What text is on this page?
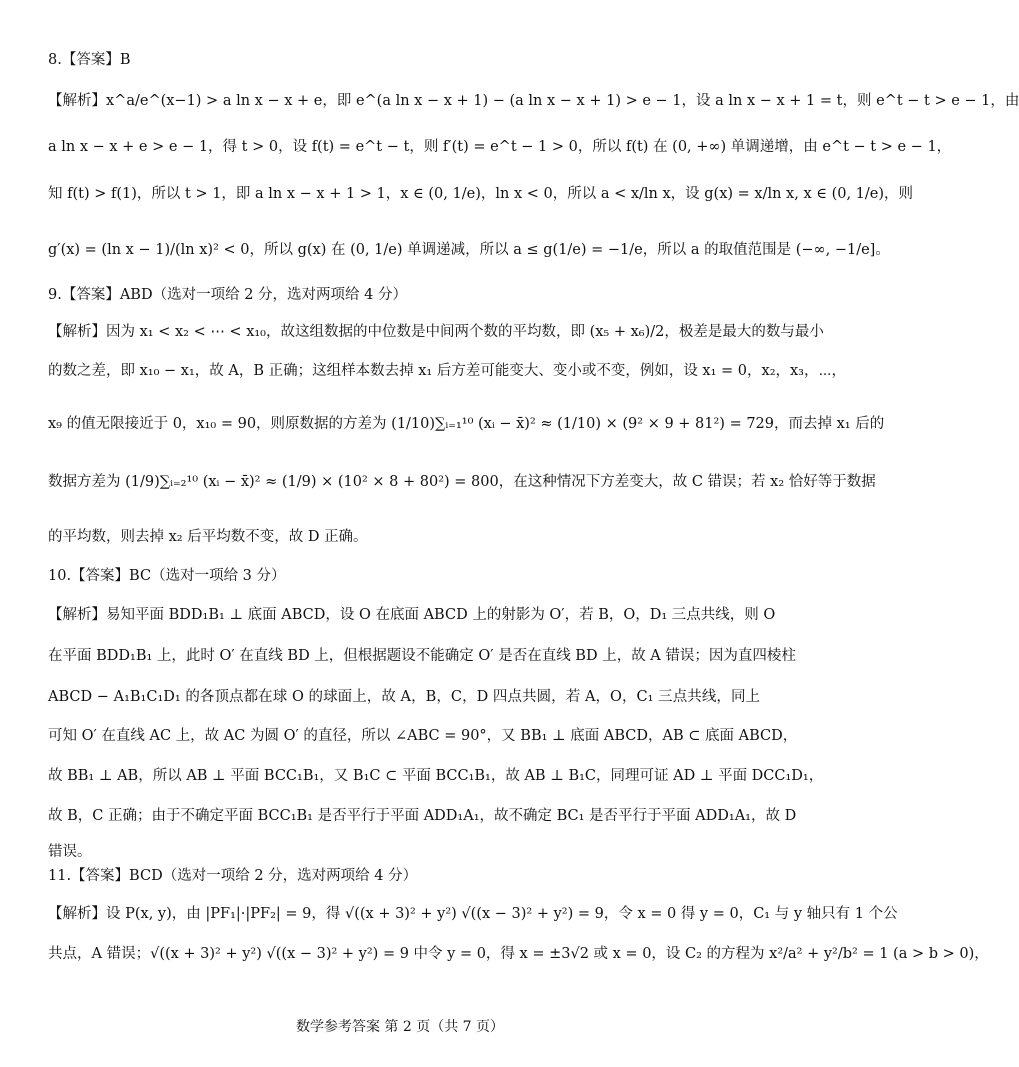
8.【答案】B
【解析】x^a/e^(x−1) > a ln x − x + e，即 e^(a ln x − x + 1) − (a ln x − x + 1) > e − 1，设 a ln x − x + 1 = t，则 e^t − t > e − 1，由
a ln x − x + e > e − 1，得 t > 0，设 f(t) = e^t − t，则 f′(t) = e^t − 1 > 0，所以 f(t) 在 (0, +∞) 单调递增，由 e^t − t > e − 1，
知 f(t) > f(1)，所以 t > 1，即 a ln x − x + 1 > 1，x ∈ (0, 1/e)，ln x < 0，所以 a < x/ln x，设 g(x) = x/ln x, x ∈ (0, 1/e)，则
g′(x) = (ln x − 1)/(ln x)² < 0，所以 g(x) 在 (0, 1/e) 单调递减，所以 a ≤ g(1/e) = −1/e，所以 a 的取值范围是 (−∞, −1/e]。
9.【答案】ABD（选对一项给 2 分，选对两项给 4 分）
【解析】因为 x₁ < x₂ < ⋯ < x₁₀，故这组数据的中位数是中间两个数的平均数，即 (x₅ + x₆)/2，极差是最大的数与最小
的数之差，即 x₁₀ − x₁，故 A，B 正确；这组样本数去掉 x₁ 后方差可能变大、变小或不变，例如，设 x₁ = 0，x₂，x₃，⋯，
x₉ 的值无限接近于 0，x₁₀ = 90，则原数据的方差为 (1/10)∑ᵢ₌₁¹⁰ (xᵢ − x̄)² ≈ (1/10) × (9² × 9 + 81²) = 729，而去掉 x₁ 后的
数据方差为 (1/9)∑ᵢ₌₂¹⁰ (xᵢ − x̄)² ≈ (1/9) × (10² × 8 + 80²) = 800，在这种情况下方差变大，故 C 错误；若 x₂ 恰好等于数据
的平均数，则去掉 x₂ 后平均数不变，故 D 正确。
10.【答案】BC（选对一项给 3 分）
【解析】易知平面 BDD₁B₁ ⊥ 底面 ABCD，设 O 在底面 ABCD 上的射影为 O′，若 B，O，D₁ 三点共线，则 O
在平面 BDD₁B₁ 上，此时 O′ 在直线 BD 上，但根据题设不能确定 O′ 是否在直线 BD 上，故 A 错误；因为直四棱柱
ABCD − A₁B₁C₁D₁ 的各顶点都在球 O 的球面上，故 A，B，C，D 四点共圆，若 A，O，C₁ 三点共线，同上
可知 O′ 在直线 AC 上，故 AC 为圆 O′ 的直径，所以 ∠ABC = 90°，又 BB₁ ⊥ 底面 ABCD，AB ⊂ 底面 ABCD，
故 BB₁ ⊥ AB，所以 AB ⊥ 平面 BCC₁B₁，又 B₁C ⊂ 平面 BCC₁B₁，故 AB ⊥ B₁C，同理可证 AD ⊥ 平面 DCC₁D₁，
故 B，C 正确；由于不确定平面 BCC₁B₁ 是否平行于平面 ADD₁A₁，故不确定 BC₁ 是否平行于平面 ADD₁A₁，故 D
错误。
11.【答案】BCD（选对一项给 2 分，选对两项给 4 分）
【解析】设 P(x, y)，由 |PF₁|·|PF₂| = 9，得 √((x + 3)² + y²) √((x − 3)² + y²) = 9，令 x = 0 得 y = 0，C₁ 与 y 轴只有 1 个公
共点，A 错误；√((x + 3)² + y²) √((x − 3)² + y²) = 9 中令 y = 0，得 x = ±3√2 或 x = 0，设 C₂ 的方程为 x²/a² + y²/b² = 1 (a > b > 0)，
数学参考答案 第 2 页（共 7 页）
